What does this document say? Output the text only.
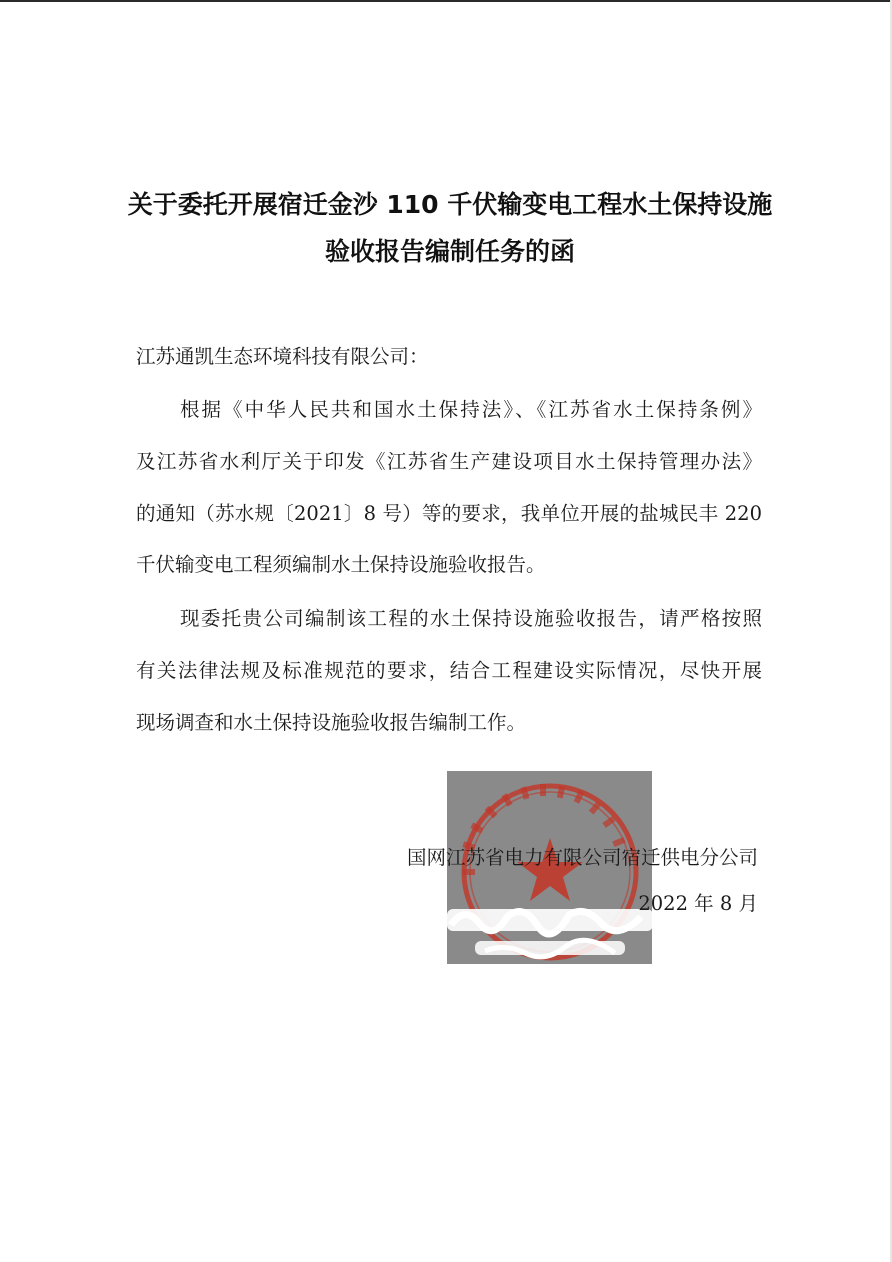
关于委托开展宿迁金沙 110 千伏输变电工程水土保持设施
验收报告编制任务的函
江苏通凯生态环境科技有限公司：
根据《中华人民共和国水土保持法》、《江苏省水土保持条例》
及江苏省水利厅关于印发《江苏省生产建设项目水土保持管理办法》
的通知（苏水规〔2021〕8 号）等的要求，我单位开展的盐城民丰 220
千伏输变电工程须编制水土保持设施验收报告。
现委托贵公司编制该工程的水土保持设施验收报告，请严格按照
有关法律法规及标准规范的要求，结合工程建设实际情况，尽快开展
现场调查和水土保持设施验收报告编制工作。
国网江苏省电力有限公司宿迁供电分公司
2022 年 8 月
